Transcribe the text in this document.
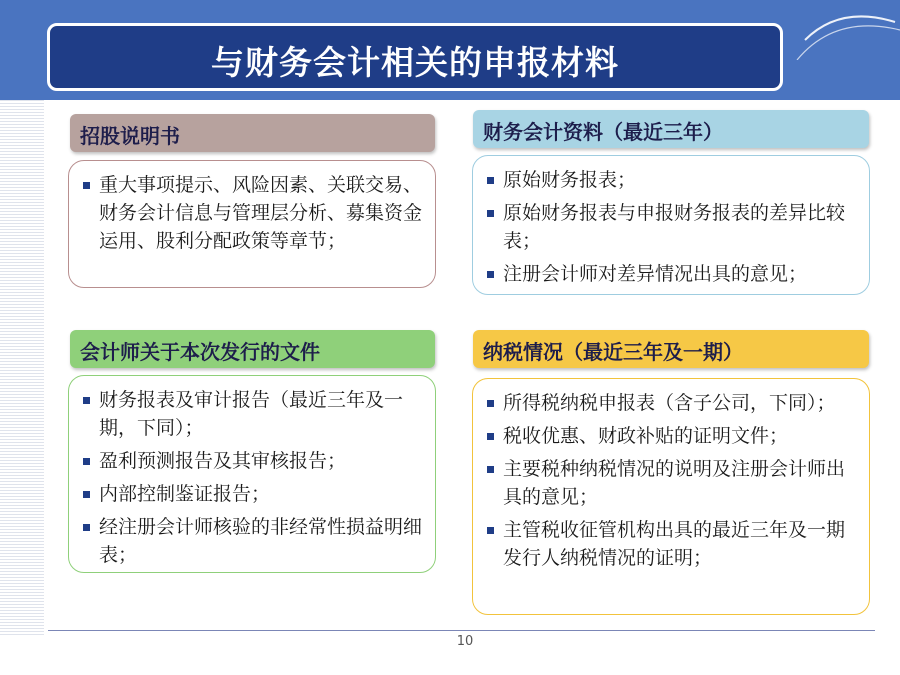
与财务会计相关的申报材料
招股说明书
重大事项提示、风险因素、关联交易、财务会计信息与管理层分析、募集资金运用、股利分配政策等章节；
财务会计资料（最近三年）
原始财务报表；
原始财务报表与申报财务报表的差异比较表；
注册会计师对差异情况出具的意见；
会计师关于本次发行的文件
财务报表及审计报告（最近三年及一期，下同）；
盈利预测报告及其审核报告；
内部控制鉴证报告；
经注册会计师核验的非经常性损益明细表；
纳税情况（最近三年及一期）
所得税纳税申报表（含子公司，下同）；
税收优惠、财政补贴的证明文件；
主要税种纳税情况的说明及注册会计师出具的意见；
主管税收征管机构出具的最近三年及一期发行人纳税情况的证明；
10
